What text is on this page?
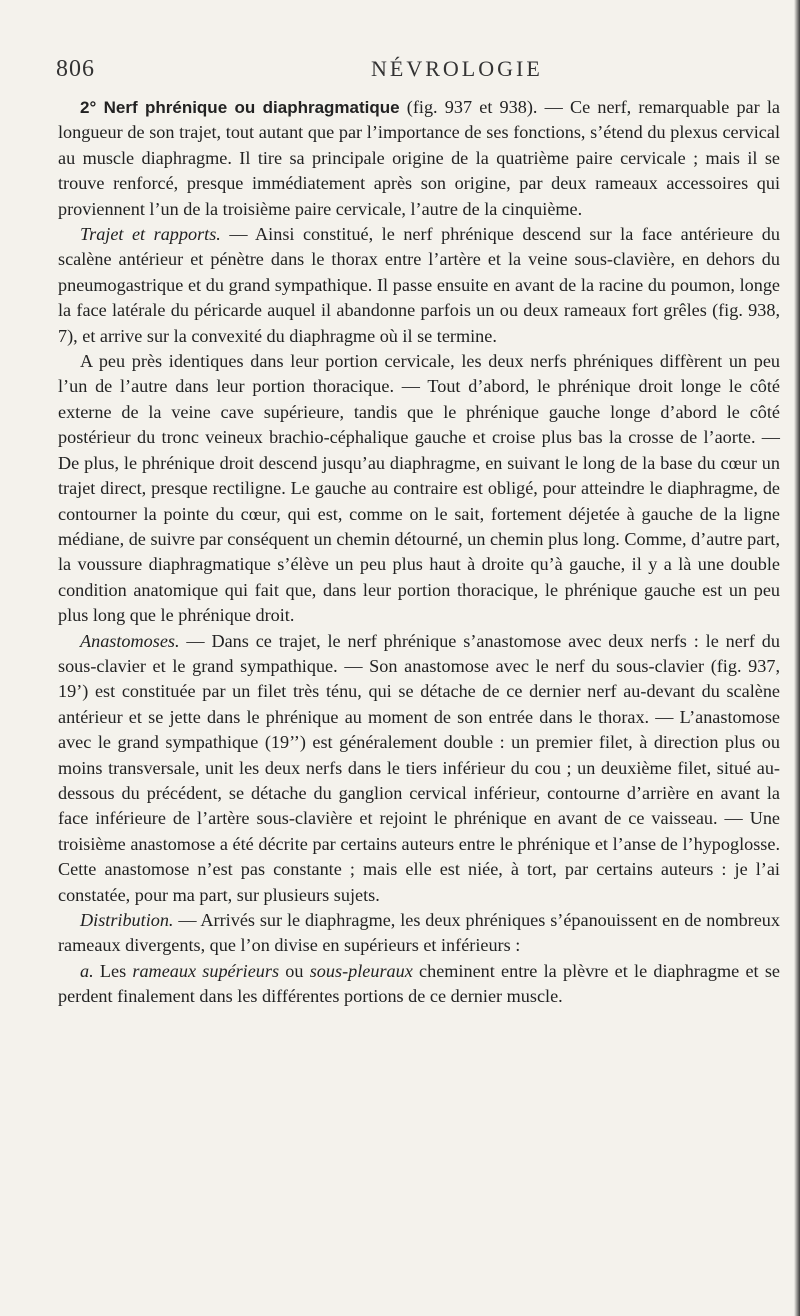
806	NÉVROLOGIE

2° Nerf phrénique ou diaphragmatique (fig. 937 et 938). — Ce nerf, remarquable par la longueur de son trajet, tout autant que par l’importance de ses fonctions, s’étend du plexus cervical au muscle diaphragme. Il tire sa principale origine de la quatrième paire cervicale ; mais il se trouve renforcé, presque immédiatement après son origine, par deux rameaux accessoires qui proviennent l’un de la troisième paire cervicale, l’autre de la cinquième.

Trajet et rapports. — Ainsi constitué, le nerf phrénique descend sur la face antérieure du scalène antérieur et pénètre dans le thorax entre l’artère et la veine sous-clavière, en dehors du pneumogastrique et du grand sympathique. Il passe ensuite en avant de la racine du poumon, longe la face latérale du péricarde auquel il abandonne parfois un ou deux rameaux fort grêles (fig. 938, 7), et arrive sur la convexité du diaphragme où il se termine.

A peu près identiques dans leur portion cervicale, les deux nerfs phréniques diffèrent un peu l’un de l’autre dans leur portion thoracique. — Tout d’abord, le phrénique droit longe le côté externe de la veine cave supérieure, tandis que le phrénique gauche longe d’abord le côté postérieur du tronc veineux brachio-céphalique gauche et croise plus bas la crosse de l’aorte. — De plus, le phrénique droit descend jusqu’au diaphragme, en suivant le long de la base du cœur un trajet direct, presque rectiligne. Le gauche au contraire est obligé, pour atteindre le diaphragme, de contourner la pointe du cœur, qui est, comme on le sait, fortement déjetée à gauche de la ligne médiane, de suivre par conséquent un chemin détourné, un chemin plus long. Comme, d’autre part, la voussure diaphragmatique s’élève un peu plus haut à droite qu’à gauche, il y a là une double condition anatomique qui fait que, dans leur portion thoracique, le phrénique gauche est un peu plus long que le phrénique droit.

Anastomoses. — Dans ce trajet, le nerf phrénique s’anastomose avec deux nerfs : le nerf du sous-clavier et le grand sympathique. — Son anastomose avec le nerf du sous-clavier (fig. 937, 19’) est constituée par un filet très ténu, qui se détache de ce dernier nerf au-devant du scalène antérieur et se jette dans le phrénique au moment de son entrée dans le thorax. — L’anastomose avec le grand sympathique (19’’) est généralement double : un premier filet, à direction plus ou moins transversale, unit les deux nerfs dans le tiers inférieur du cou ; un deuxième filet, situé au-dessous du précédent, se détache du ganglion cervical inférieur, contourne d’arrière en avant la face inférieure de l’artère sous-clavière et rejoint le phrénique en avant de ce vaisseau. — Une troisième anastomose a été décrite par certains auteurs entre le phrénique et l’anse de l’hypoglosse. Cette anastomose n’est pas constante ; mais elle est niée, à tort, par certains auteurs : je l’ai constatée, pour ma part, sur plusieurs sujets.

Distribution. — Arrivés sur le diaphragme, les deux phréniques s’épanouissent en de nombreux rameaux divergents, que l’on divise en supérieurs et inférieurs :

a. Les rameaux supérieurs ou sous-pleuraux cheminent entre la plèvre et le diaphragme et se perdent finalement dans les différentes portions de ce dernier muscle.
